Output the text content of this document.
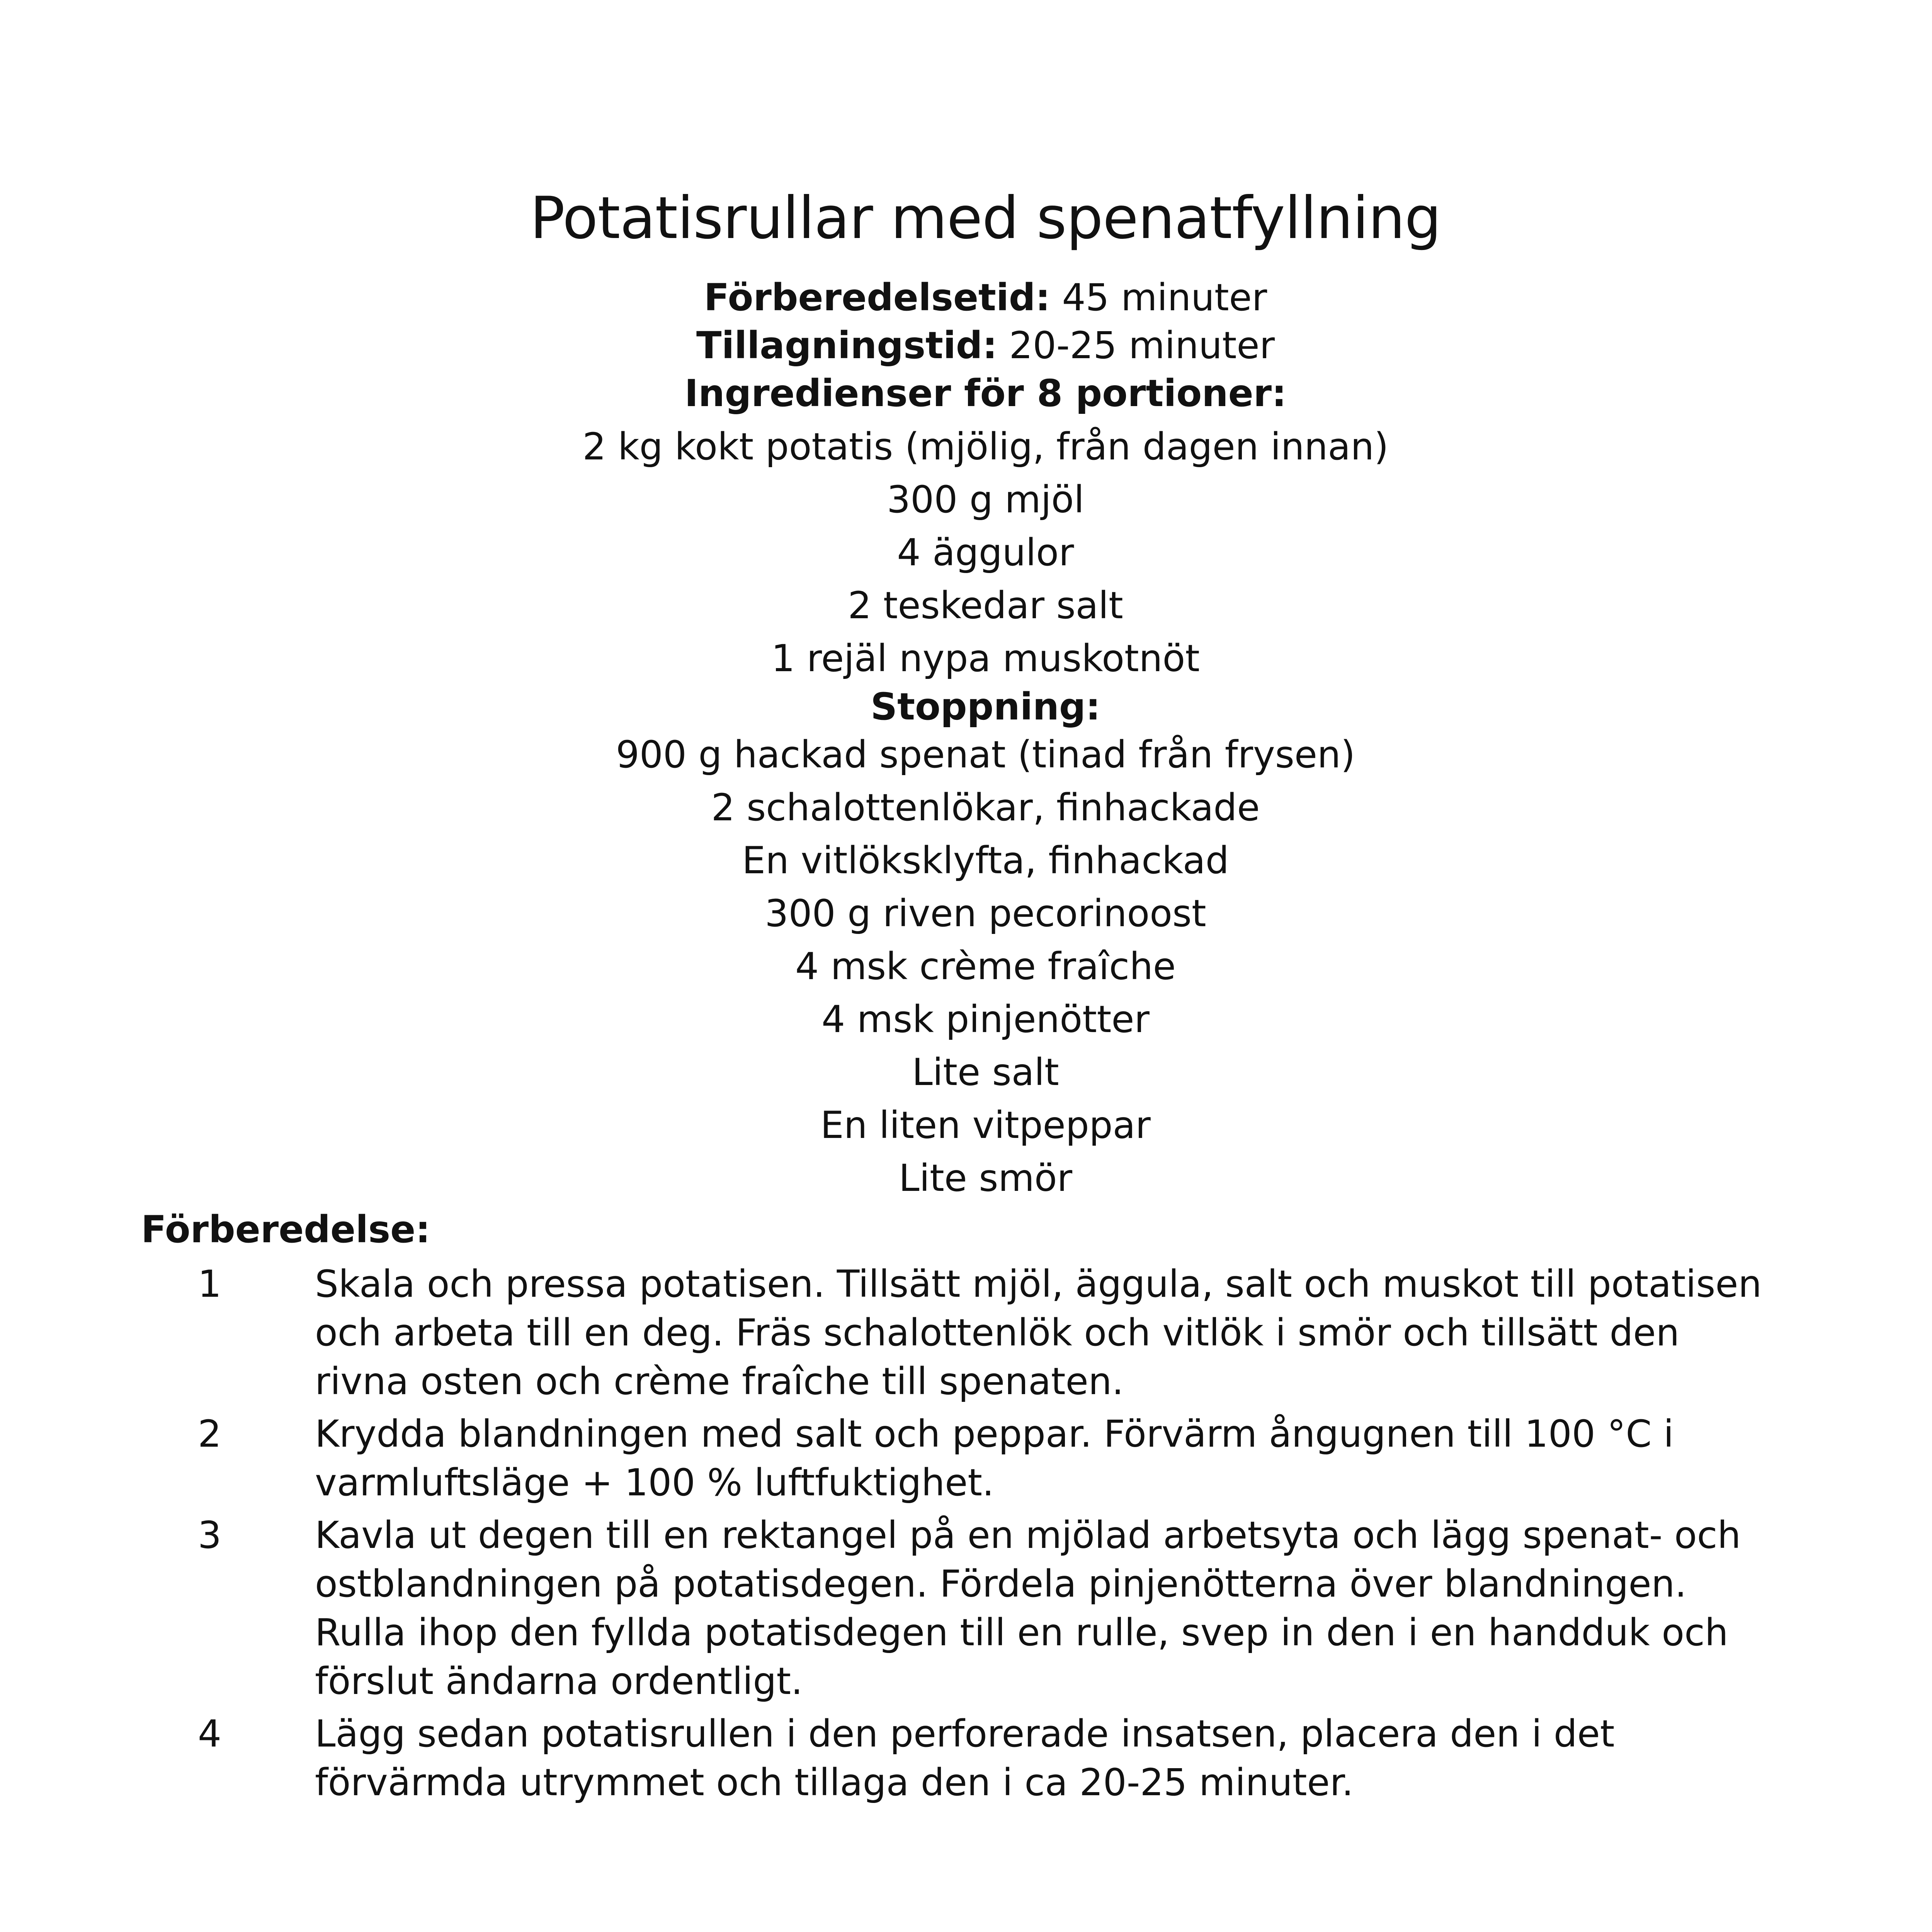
Potatisrullar med spenatfyllning
Förberedelsetid: 45 minuter
Tillagningstid: 20-25 minuter
Ingredienser för 8 portioner:
2 kg kokt potatis (mjölig, från dagen innan)
300 g mjöl
4 äggulor
2 teskedar salt
1 rejäl nypa muskotnöt
Stoppning:
900 g hackad spenat (tinad från frysen)
2 schalottenlökar, finhackade
En vitlöksklyfta, finhackad
300 g riven pecorinoost
4 msk crème fraîche
4 msk pinjenötter
Lite salt
En liten vitpeppar
Lite smör
Förberedelse:
1	Skala och pressa potatisen. Tillsätt mjöl, äggula, salt och muskot till potatisen och arbeta till en deg. Fräs schalottenlök och vitlök i smör och tillsätt den rivna osten och crème fraîche till spenaten.
2	Krydda blandningen med salt och peppar. Förvärm ångugnen till 100 °C i varmluftsläge + 100 % luftfuktighet.
3	Kavla ut degen till en rektangel på en mjölad arbetsyta och lägg spenat- och ostblandningen på potatisdegen. Fördela pinjenötterna över blandningen. Rulla ihop den fyllda potatisdegen till en rulle, svep in den i en handduk och förslut ändarna ordentligt.
4	Lägg sedan potatisrullen i den perforerade insatsen, placera den i det förvärmda utrymmet och tillaga den i ca 20-25 minuter.
